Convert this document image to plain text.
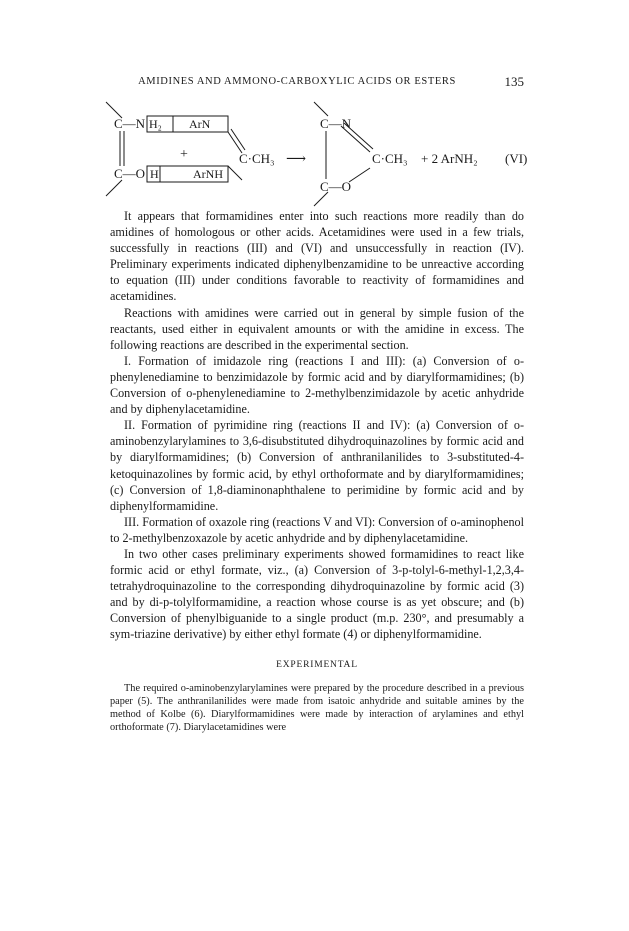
AMIDINES AND AMMONO-CARBOXYLIC ACIDS OR ESTERS	135
C—N H₂ ArN
+	C·CH₃ ⟶
C—O H	ArNH
C—N
C·CH₃ + 2 ArNH₂ (VI)
C—O

It appears that formamidines enter into such reactions more readily than do amidines of homologous or other acids. Acetamidines were used in a few trials, successfully in reactions (III) and (VI) and unsuccessfully in reaction (IV). Preliminary experiments indicated diphenylbenzamidine to be unreactive according to equation (III) under conditions favorable to reactivity of formamidines and acetamidines.

Reactions with amidines were carried out in general by simple fusion of the reactants, used either in equivalent amounts or with the amidine in excess. The following reactions are described in the experimental section.

I. Formation of imidazole ring (reactions I and III): (a) Conversion of o-phenylenediamine to benzimidazole by formic acid and by diarylformamidines; (b) Conversion of o-phenylenediamine to 2-methylbenzimidazole by acetic anhydride and by diphenylacetamidine.

II. Formation of pyrimidine ring (reactions II and IV): (a) Conversion of o-aminobenzylarylamines to 3,6-disubstituted dihydroquinazolines by formic acid and by diarylformamidines; (b) Conversion of anthranilanilides to 3-substituted-4-ketoquinazolines by formic acid, by ethyl orthoformate and by diarylformamidines; (c) Conversion of 1,8-diaminonaphthalene to perimidine by formic acid and by diphenylformamidine.

III. Formation of oxazole ring (reactions V and VI): Conversion of o-aminophenol to 2-methylbenzoxazole by acetic anhydride and by diphenylacetamidine.

In two other cases preliminary experiments showed formamidines to react like formic acid or ethyl formate, viz., (a) Conversion of 3-p-tolyl-6-methyl-1,2,3,4-tetrahydroquinazoline to the corresponding dihydroquinazoline by formic acid (3) and by di-p-tolylformamidine, a reaction whose course is as yet obscure; and (b) Conversion of phenylbiguanide to a single product (m.p. 230°, and presumably a sym-triazine derivative) by either ethyl formate (4) or diphenylformamidine.

EXPERIMENTAL

The required o-aminobenzylarylamines were prepared by the procedure described in a previous paper (5). The anthranilanilides were made from isatoic anhydride and suitable amines by the method of Kolbe (6). Diarylformamidines were made by interaction of arylamines and ethyl orthoformate (7). Diarylacetamidines were
